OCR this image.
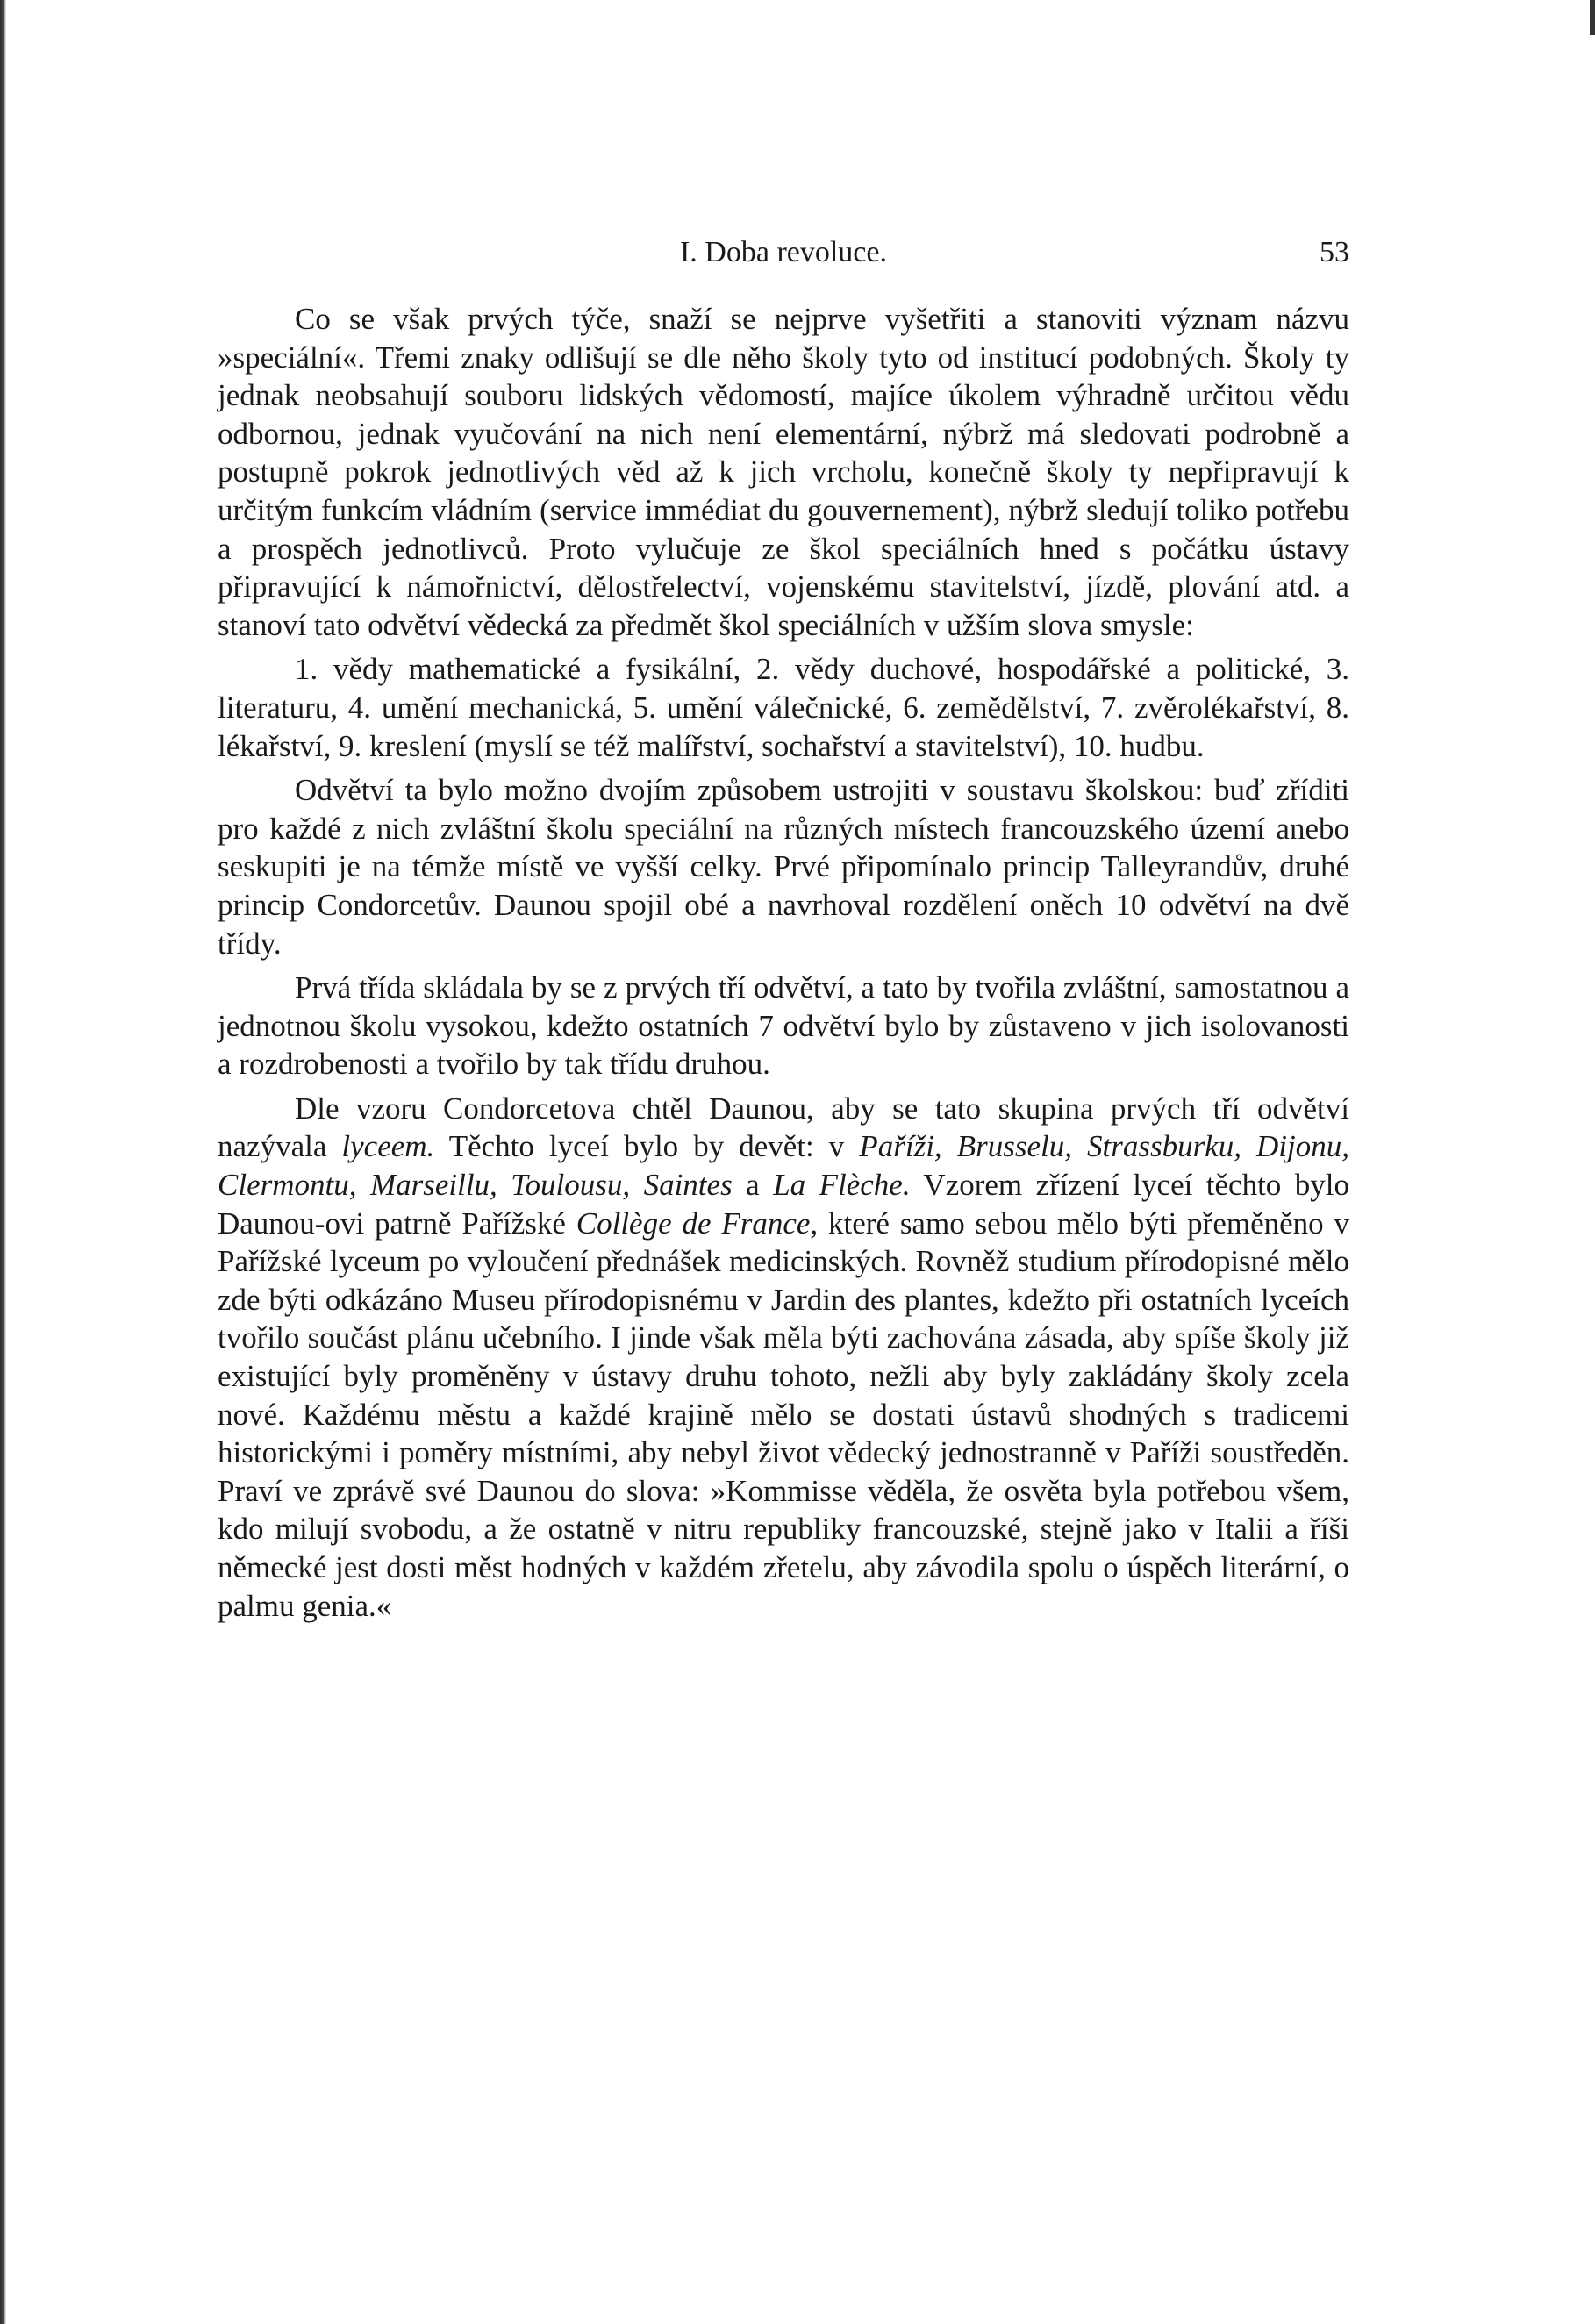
I. Doba revoluce.	53

Co se však prvých týče, snaží se nejprve vyšetřiti a stanoviti význam názvu »speciální«. Třemi znaky odlišují se dle něho školy tyto od institucí podobných. Školy ty jednak neobsahují souboru lidských vědomostí, majíce úkolem výhradně určitou vědu odbornou, jednak vyučování na nich není elementární, nýbrž má sledovati podrobně a postupně pokrok jednotlivých věd až k jich vrcholu, konečně školy ty nepřipravují k určitým funkcím vládním (service immédiat du gouvernement), nýbrž sledují toliko potřebu a prospěch jednotlivců. Proto vylučuje ze škol speciálních hned s počátku ústavy připravující k námořnictví, dělostřelectví, vojenskému stavitelství, jízdě, plování atd. a stanoví tato odvětví vědecká za předmět škol speciálních v užším slova smysle:

1. vědy mathematické a fysikální, 2. vědy duchové, hospodářské a politické, 3. literaturu, 4. umění mechanická, 5. umění válečnické, 6. zemědělství, 7. zvěrolékařství, 8. lékařství, 9. kreslení (myslí se též malířství, sochařství a stavitelství), 10. hudbu.

Odvětví ta bylo možno dvojím způsobem ustrojiti v soustavu školskou: buď zříditi pro každé z nich zvláštní školu speciální na různých místech francouzského území anebo seskupiti je na témže místě ve vyšší celky. Prvé připomínalo princip Talleyrandův, druhé princip Condorcetův. Daunou spojil obé a navrhoval rozdělení oněch 10 odvětví na dvě třídy.

Prvá třída skládala by se z prvých tří odvětví, a tato by tvořila zvláštní, samostatnou a jednotnou školu vysokou, kdežto ostatních 7 odvětví bylo by zůstaveno v jich isolovanosti a rozdrobenosti a tvořilo by tak třídu druhou.

Dle vzoru Condorcetova chtěl Daunou, aby se tato skupina prvých tří odvětví nazývala lyceem. Těchto lyceí bylo by devět: v Paříži, Brusselu, Strassburku, Dijonu, Clermontu, Marseillu, Toulousu, Saintes a La Flèche. Vzorem zřízení lyceí těchto bylo Daunou-ovi patrně Pařížské Collège de France, které samo sebou mělo býti přeměněno v Pařížské lyceum po vyloučení přednášek medicinských. Rovněž studium přírodopisné mělo zde býti odkázáno Museu přírodopisnému v Jardin des plantes, kdežto při ostatních lyceích tvořilo součást plánu učebního. I jinde však měla býti zachována zásada, aby spíše školy již existující byly proměněny v ústavy druhu tohoto, nežli aby byly zakládány školy zcela nové. Každému městu a každé krajině mělo se dostati ústavů shodných s tradicemi historickými i poměry místními, aby nebyl život vědecký jednostranně v Paříži soustředěn. Praví ve zprávě své Daunou do slova: »Kommisse věděla, že osvěta byla potřebou všem, kdo milují svobodu, a že ostatně v nitru republiky francouzské, stejně jako v Italii a říši německé jest dosti měst hodných v každém zřetelu, aby závodila spolu o úspěch literární, o palmu genia.«
